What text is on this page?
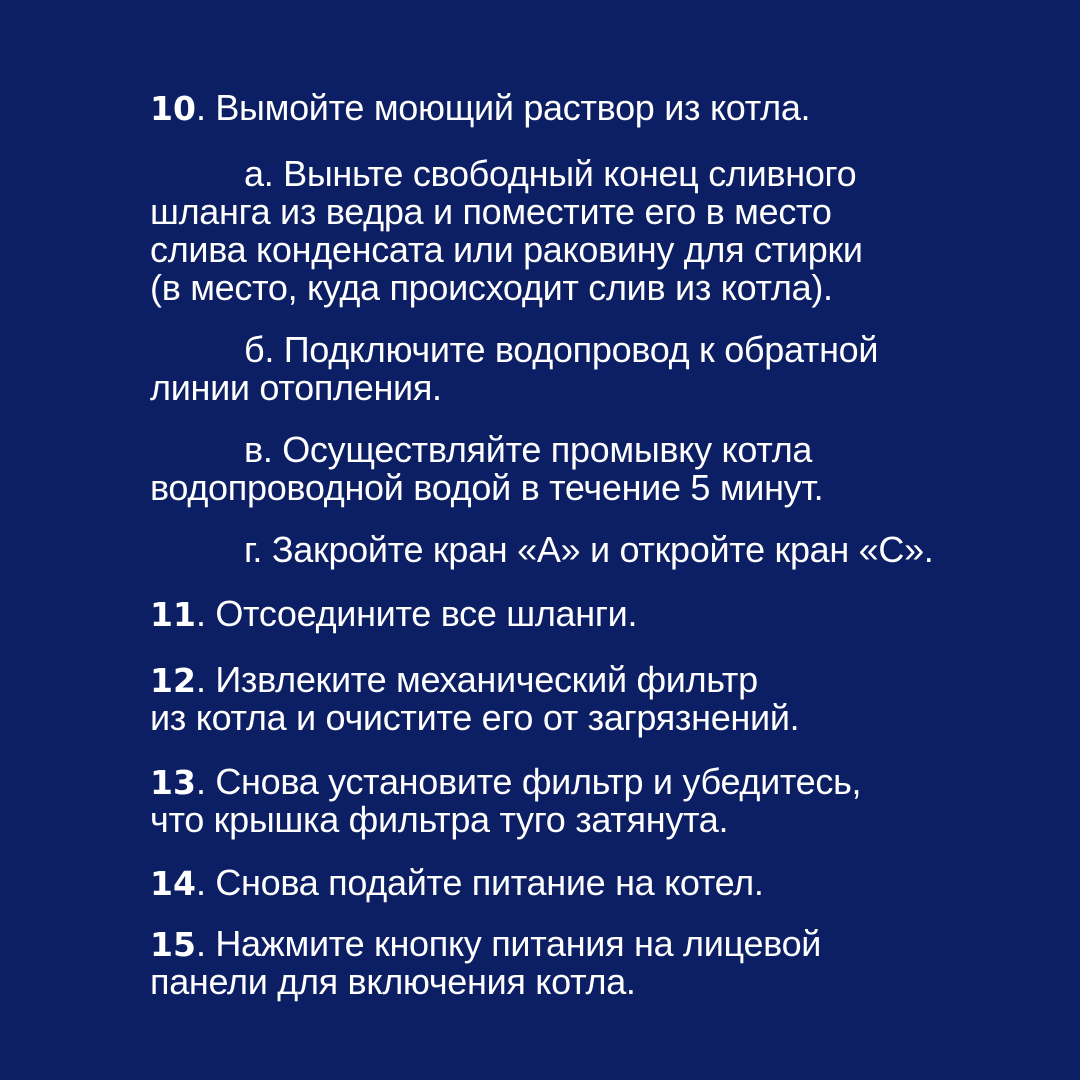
10. Вымойте моющий раствор из котла.
а. Выньте свободный конец сливного
шланга из ведра и поместите его в место
слива конденсата или раковину для стирки
(в место, куда происходит слив из котла).
б. Подключите водопровод к обратной
линии отопления.
в. Осуществляйте промывку котла
водопроводной водой в течение 5 минут.
г. Закройте кран «А» и откройте кран «С».
11. Отсоедините все шланги.
12. Извлеките механический фильтр
из котла и очистите его от загрязнений.
13. Снова установите фильтр и убедитесь,
что крышка фильтра туго затянута.
14. Снова подайте питание на котел.
15. Нажмите кнопку питания на лицевой
панели для включения котла.
